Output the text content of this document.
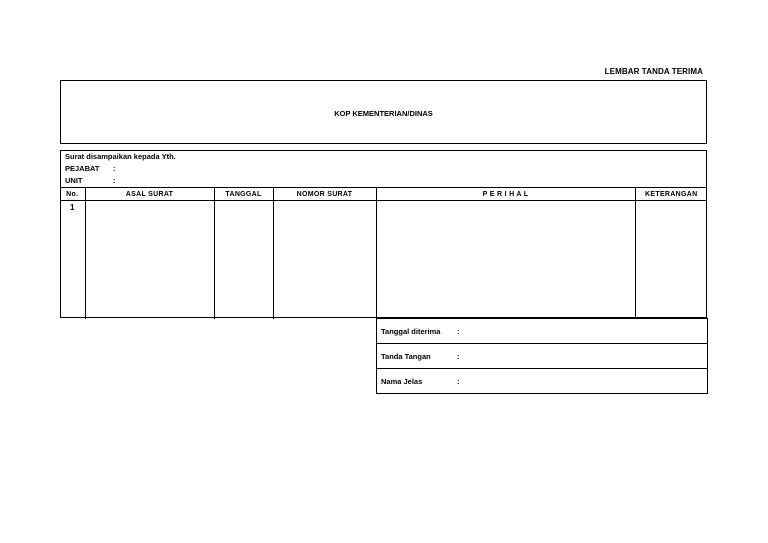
LEMBAR TANDA TERIMA
KOP KEMENTERIAN/DINAS
Surat disampaikan kepada Yth.
PEJABAT :
UNIT	:
No.	ASAL SURAT	TANGGAL	NOMOR SURAT	P E R I H A L	KETERANGAN
1					
Tanggal diterima :
Tanda Tangan	:
Nama Jelas	:
